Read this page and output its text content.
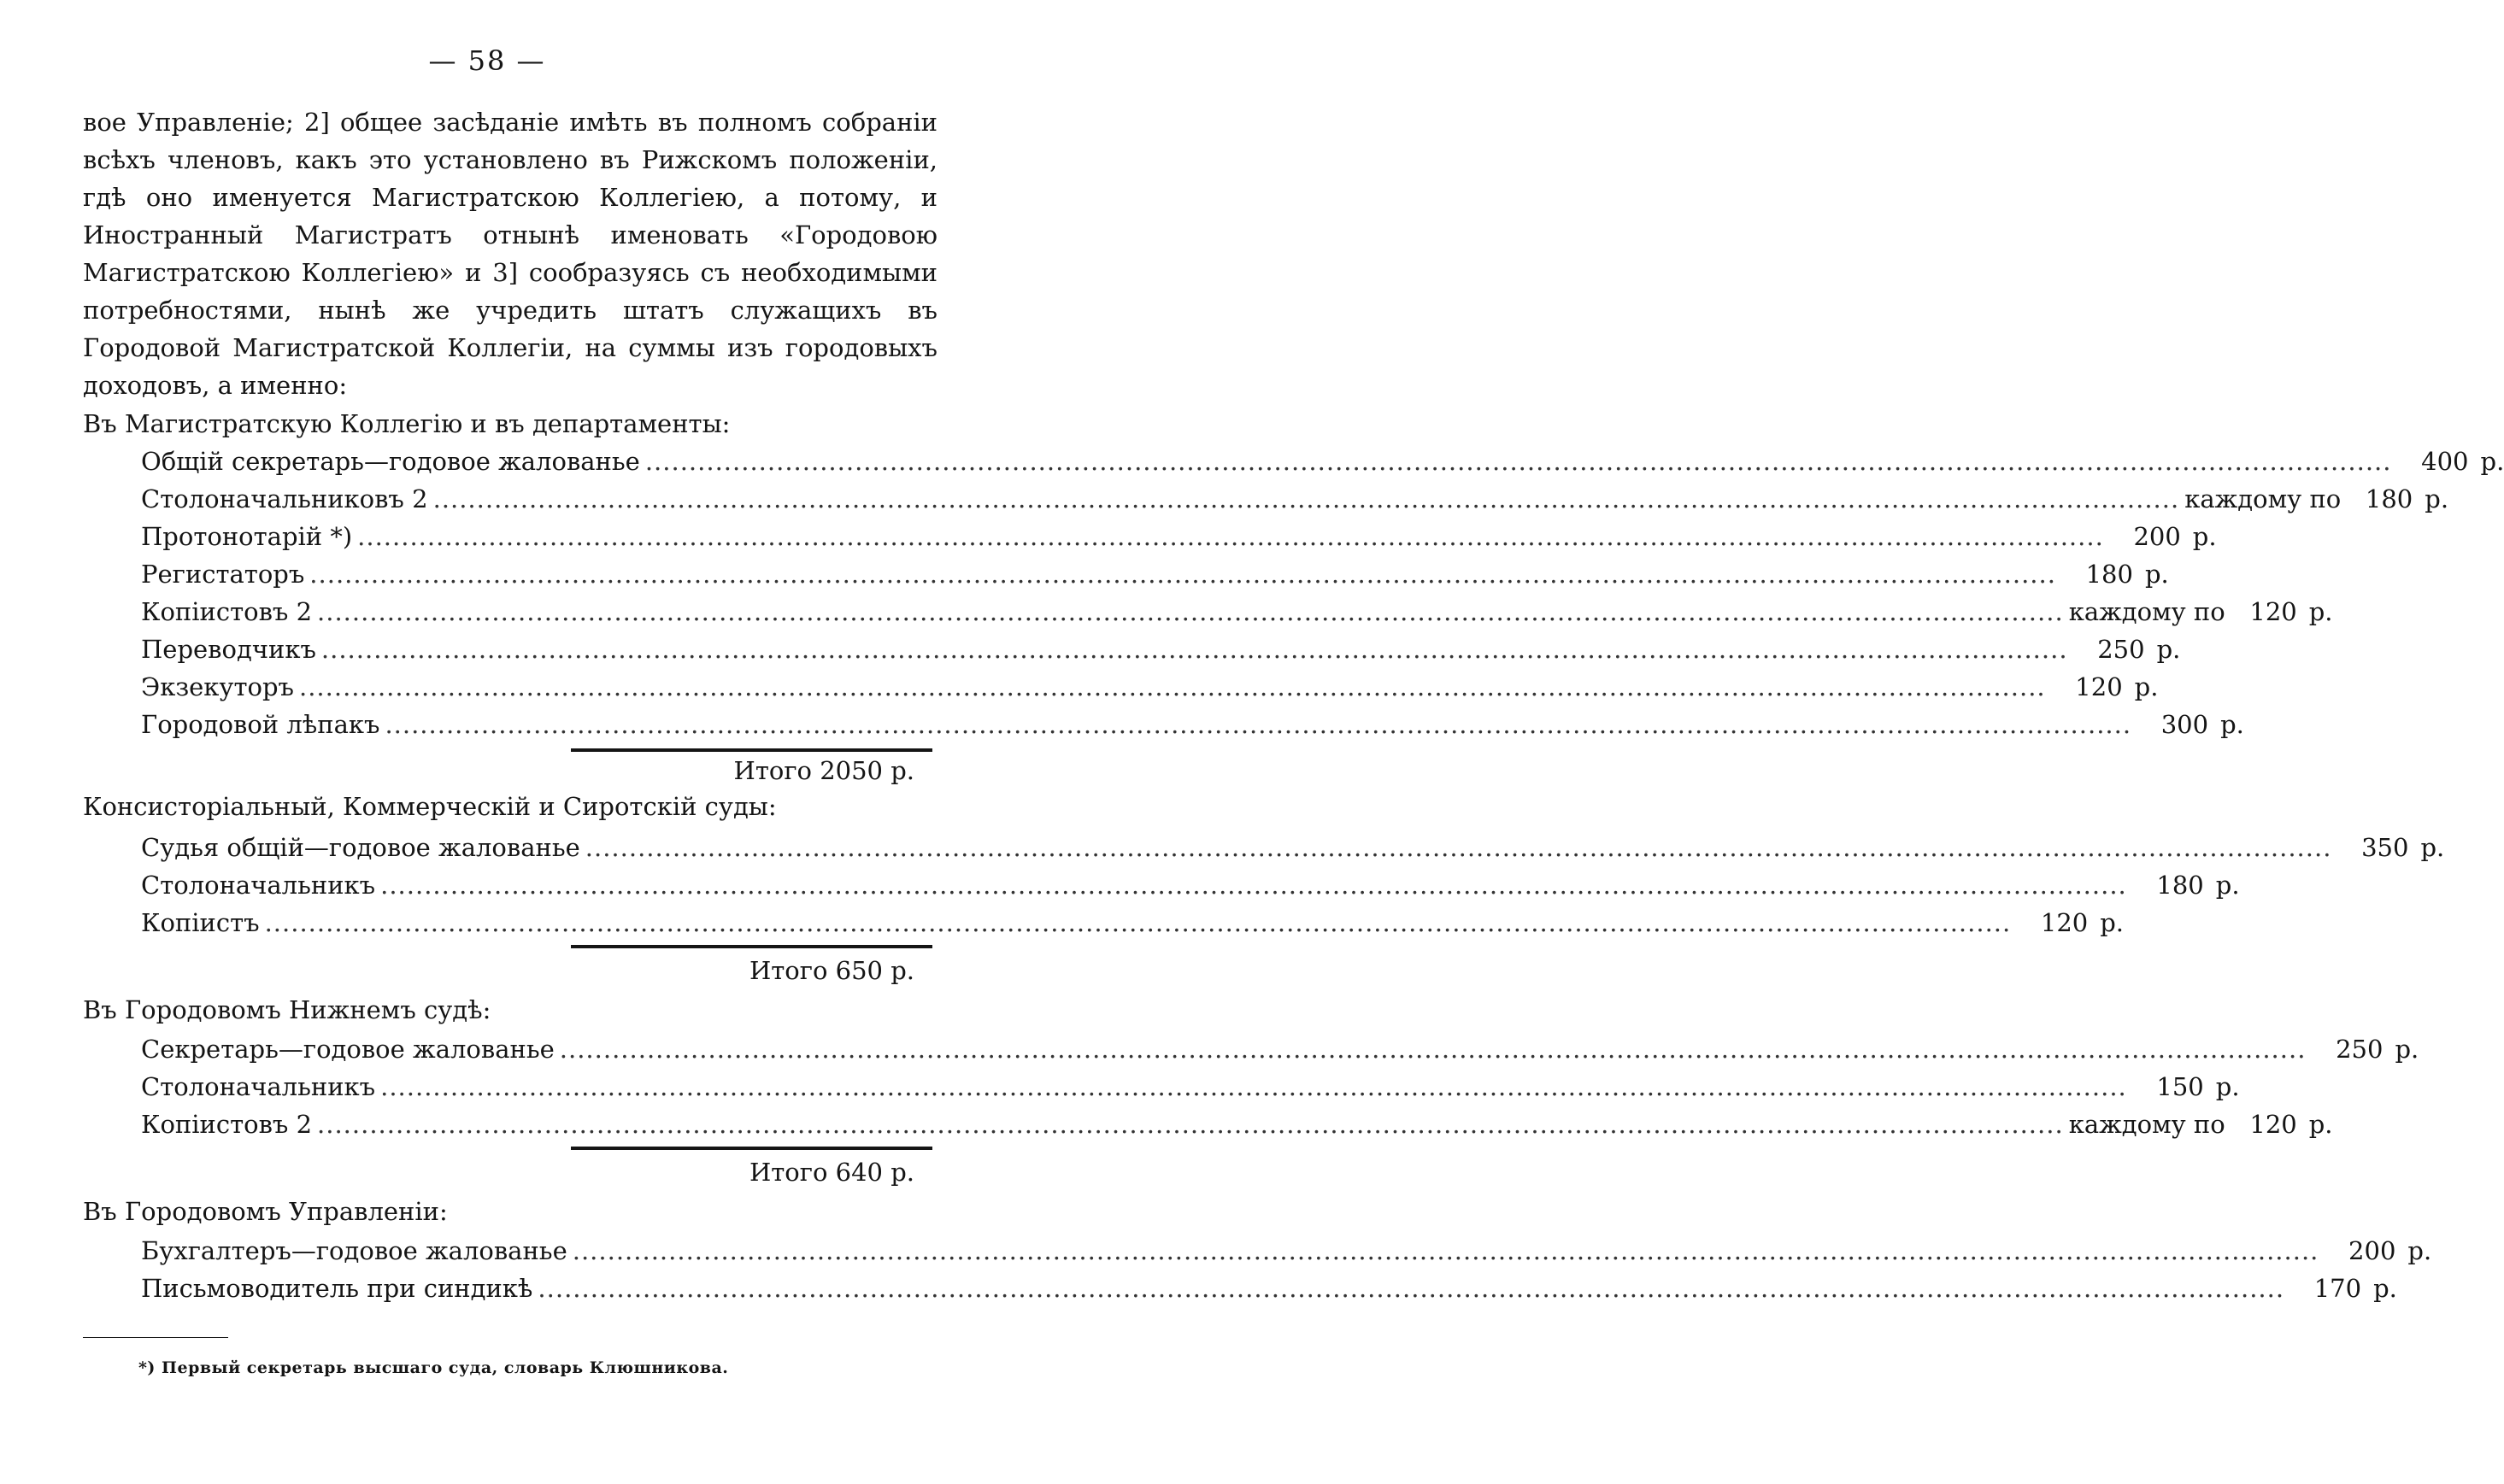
— 58 —

вое Управленіе; 2] общее засѣданіе имѣть въ полномъ собраніи всѣхъ членовъ, какъ это установлено въ Рижскомъ положеніи, гдѣ оно именуется Магистратскою Коллегіею, а потому, и Иностранный Магистратъ отнынѣ именовать «Городовою Магистратскою Коллегіею» и 3] сообразуясь съ необходимыми потребностями, нынѣ же учредить штатъ служащихъ въ Городовой Магистратской Коллегіи, на суммы изъ городовыхъ доходовъ, а именно:

Въ Магистратскую Коллегію и въ департаменты:
Общій секретарь—годовое жалованье ........................................................................................................................................................................................................	400 р.
Столоначальниковъ 2 ........................................................................................................................................................................................................ каждому по 180 р.
Протонотарій *) ........................................................................................................................................................................................................	200 р.
Регистаторъ ........................................................................................................................................................................................................	180 р.
Копіистовъ 2 ........................................................................................................................................................................................................ каждому по 120 р.
Переводчикъ ........................................................................................................................................................................................................	250 р.
Экзекуторъ ........................................................................................................................................................................................................	120 р.
Городовой лѣпакъ ........................................................................................................................................................................................................	300 р.
Итого 2050 р.
Консисторіальный, Коммерческій и Сиротскій суды:
Судья общій—годовое жалованье ........................................................................................................................................................................................................	350 р.
Столоначальникъ ........................................................................................................................................................................................................	180 р.
Копіистъ ........................................................................................................................................................................................................	120 р.
Итого 650 р.
Въ Городовомъ Нижнемъ судѣ:
Секретарь—годовое жалованье ........................................................................................................................................................................................................	250 р.
Столоначальникъ ........................................................................................................................................................................................................	150 р.
Копіистовъ 2 ........................................................................................................................................................................................................ каждому по 120 р.
Итого 640 р.
Въ Городовомъ Управленіи:
Бухгалтеръ—годовое жалованье ........................................................................................................................................................................................................	200 р.
Письмоводитель при синдикѣ ........................................................................................................................................................................................................	170 р.
*) Первый секретарь высшаго суда, словарь Клюшникова.
